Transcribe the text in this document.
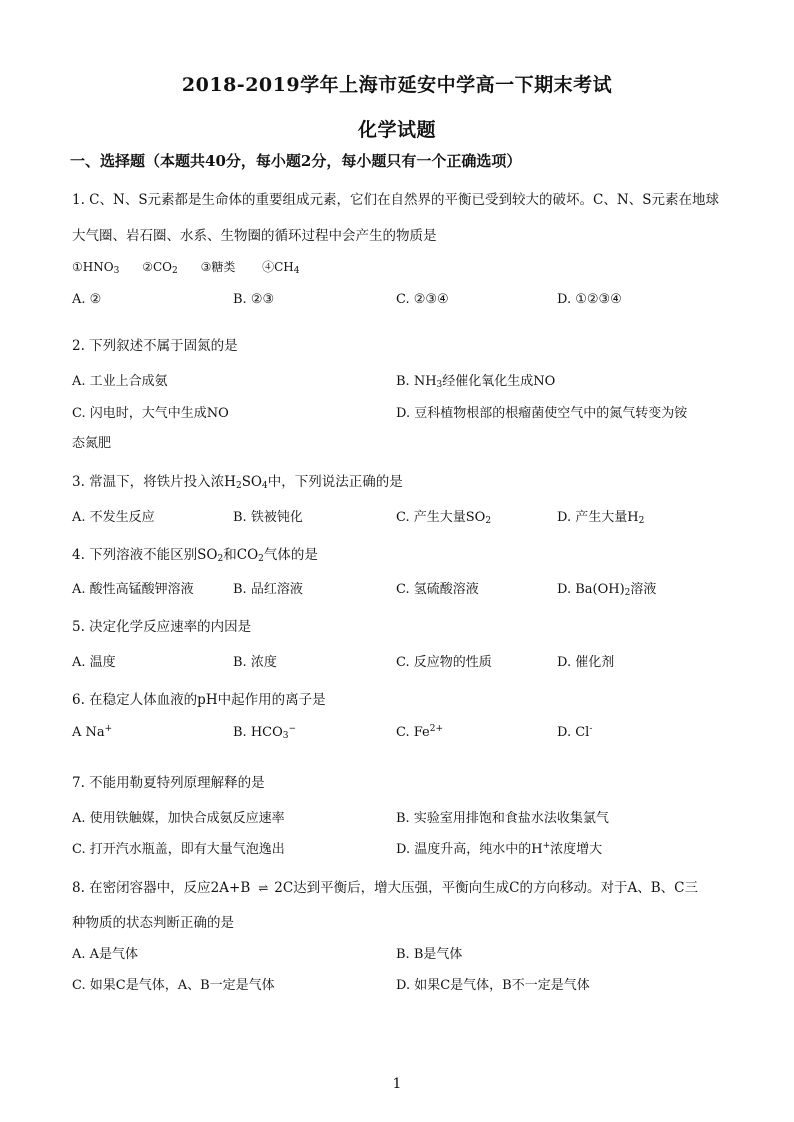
2018-2019学年上海市延安中学高一下期末考试
化学试题
一、选择题（本题共40分，每小题2分，每小题只有一个正确选项）
1. C、N、S元素都是生命体的重要组成元素，它们在自然界的平衡已受到较大的破坏。C、N、S元素在地球
大气圈、岩石圈、水系、生物圈的循环过程中会产生的物质是
$①HNO_3$ $②CO_2$ ③糖类 $④CH_4$
A. ②	B. ②③	C. ②③④	D. ①②③④
2. 下列叙述不属于固氮的是
A. 工业上合成氨	B. $NH_3$经催化氧化生成NO
C. 闪电时，大气中生成NO	D. 豆科植物根部的根瘤菌使空气中的氮气转变为铵
态氮肥
3. 常温下，将铁片投入浓$H_2SO_4$中，下列说法正确的是
A. 不发生反应	B. 铁被钝化	C. 产生大量$SO_2$	D. 产生大量$H_2$
4. 下列溶液不能区别$SO_2$和$CO_2$气体的是
A. 酸性高锰酸钾溶液	B. 品红溶液	C. 氢硫酸溶液	D. $Ba(OH)_2$溶液
5. 决定化学反应速率的内因是
A. 温度	B. 浓度	C. 反应物的性质	D. 催化剂
6. 在稳定人体血液的pH中起作用的离子是
A Na+	B. $HCO_3^-$	C. $Fe^{2+}$	D. Cl-
7. 不能用勒夏特列原理解释的是
A. 使用铁触媒，加快合成氨反应速率	B. 实验室用排饱和食盐水法收集氯气
C. 打开汽水瓶盖，即有大量气泡逸出	D. 温度升高，纯水中的H+浓度增大
8. 在密闭容器中，反应2A+B ⇌ 2C达到平衡后，增大压强，平衡向生成C的方向移动。对于A、B、C三
种物质的状态判断正确的是
A. A是气体	B. B是气体
C. 如果C是气体，A、B一定是气体	D. 如果C是气体，B不一定是气体
1
